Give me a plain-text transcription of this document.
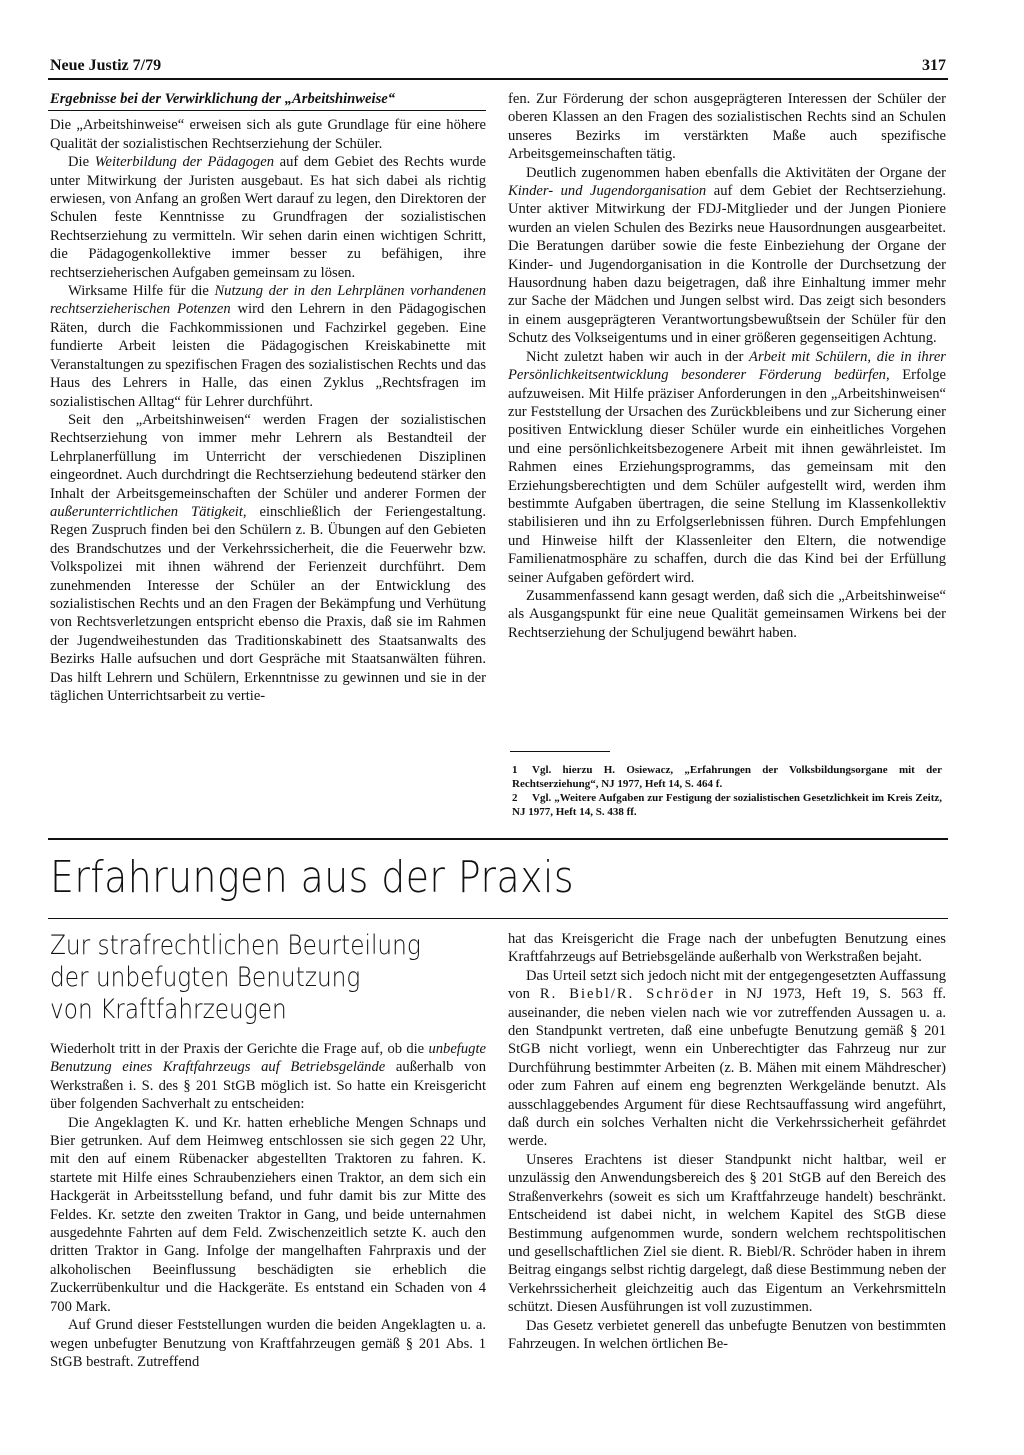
Neue Justiz 7/79	317
Ergebnisse bei der Verwirklichung der „Arbeitshinweise“

Die „Arbeitshinweise“ erweisen sich als gute Grundlage für eine höhere Qualität der sozialistischen Rechtserziehung der Schüler.

Die Weiterbildung der Pädagogen auf dem Gebiet des Rechts wurde unter Mitwirkung der Juristen ausgebaut. Es hat sich dabei als richtig erwiesen, von Anfang an großen Wert darauf zu legen, den Direktoren der Schulen feste Kenntnisse zu Grundfragen der sozialistischen Rechtserziehung zu vermitteln. Wir sehen darin einen wichtigen Schritt, die Pädagogenkollektive immer besser zu befähigen, ihre rechtserzieherischen Aufgaben gemeinsam zu lösen.

Wirksame Hilfe für die Nutzung der in den Lehrplänen vorhandenen rechtserzieherischen Potenzen wird den Lehrern in den Pädagogischen Räten, durch die Fachkommissionen und Fachzirkel gegeben. Eine fundierte Arbeit leisten die Pädagogischen Kreiskabinette mit Veranstaltungen zu spezifischen Fragen des sozialistischen Rechts und das Haus des Lehrers in Halle, das einen Zyklus „Rechtsfragen im sozialistischen Alltag“ für Lehrer durchführt.

Seit den „Arbeitshinweisen“ werden Fragen der sozialistischen Rechtserziehung von immer mehr Lehrern als Bestandteil der Lehrplanerfüllung im Unterricht der verschiedenen Disziplinen eingeordnet. Auch durchdringt die Rechtserziehung bedeutend stärker den Inhalt der Arbeitsgemeinschaften der Schüler und anderer Formen der außerunterrichtlichen Tätigkeit, einschließlich der Feriengestaltung. Regen Zuspruch finden bei den Schülern z. B. Übungen auf den Gebieten des Brandschutzes und der Verkehrssicherheit, die die Feuerwehr bzw. Volkspolizei mit ihnen während der Ferienzeit durchführt. Dem zunehmenden Interesse der Schüler an der Entwicklung des sozialistischen Rechts und an den Fragen der Bekämpfung und Verhütung von Rechtsverletzungen entspricht ebenso die Praxis, daß sie im Rahmen der Jugendweihestunden das Traditionskabinett des Staatsanwalts des Bezirks Halle aufsuchen und dort Gespräche mit Staatsanwälten führen. Das hilft Lehrern und Schülern, Erkenntnisse zu gewinnen und sie in der täglichen Unterrichtsarbeit zu vertie-

fen. Zur Förderung der schon ausgeprägteren Interessen der Schüler der oberen Klassen an den Fragen des sozialistischen Rechts sind an Schulen unseres Bezirks im verstärkten Maße auch spezifische Arbeitsgemeinschaften tätig.

Deutlich zugenommen haben ebenfalls die Aktivitäten der Organe der Kinder- und Jugendorganisation auf dem Gebiet der Rechtserziehung. Unter aktiver Mitwirkung der FDJ-Mitglieder und der Jungen Pioniere wurden an vielen Schulen des Bezirks neue Hausordnungen ausgearbeitet. Die Beratungen darüber sowie die feste Einbeziehung der Organe der Kinder- und Jugendorganisation in die Kontrolle der Durchsetzung der Hausordnung haben dazu beigetragen, daß ihre Einhaltung immer mehr zur Sache der Mädchen und Jungen selbst wird. Das zeigt sich besonders in einem ausgeprägteren Verantwortungsbewußtsein der Schüler für den Schutz des Volkseigentums und in einer größeren gegenseitigen Achtung.

Nicht zuletzt haben wir auch in der Arbeit mit Schülern, die in ihrer Persönlichkeitsentwicklung besonderer Förderung bedürfen, Erfolge aufzuweisen. Mit Hilfe präziser Anforderungen in den „Arbeitshinweisen“ zur Feststellung der Ursachen des Zurückbleibens und zur Sicherung einer positiven Entwicklung dieser Schüler wurde ein einheitliches Vorgehen und eine persönlichkeitsbezogenere Arbeit mit ihnen gewährleistet. Im Rahmen eines Erziehungsprogramms, das gemeinsam mit den Erziehungsberechtigten und dem Schüler aufgestellt wird, werden ihm bestimmte Aufgaben übertragen, die seine Stellung im Klassenkollektiv stabilisieren und ihn zu Erfolgserlebnissen führen. Durch Empfehlungen und Hinweise hilft der Klassenleiter den Eltern, die notwendige Familienatmosphäre zu schaffen, durch die das Kind bei der Erfüllung seiner Aufgaben gefördert wird.

Zusammenfassend kann gesagt werden, daß sich die „Arbeitshinweise“ als Ausgangspunkt für eine neue Qualität gemeinsamen Wirkens bei der Rechtserziehung der Schuljugend bewährt haben.

1 Vgl. hierzu H. Osiewacz, „Erfahrungen der Volksbildungsorgane mit der Rechtserziehung“, NJ 1977, Heft 14, S. 464 f.
2 Vgl. „Weitere Aufgaben zur Festigung der sozialistischen Gesetzlichkeit im Kreis Zeitz, NJ 1977, Heft 14, S. 438 ff.
Erfahrungen aus der Praxis
Zur strafrechtlichen Beurteilung
der unbefugten Benutzung
von Kraftfahrzeugen

Wiederholt tritt in der Praxis der Gerichte die Frage auf, ob die unbefugte Benutzung eines Kraftfahrzeugs auf Betriebsgelände außerhalb von Werkstraßen i. S. des § 201 StGB möglich ist. So hatte ein Kreisgericht über folgenden Sachverhalt zu entscheiden:

Die Angeklagten K. und Kr. hatten erhebliche Mengen Schnaps und Bier getrunken. Auf dem Heimweg entschlossen sie sich gegen 22 Uhr, mit den auf einem Rübenacker abgestellten Traktoren zu fahren. K. startete mit Hilfe eines Schraubenziehers einen Traktor, an dem sich ein Hackgerät in Arbeitsstellung befand, und fuhr damit bis zur Mitte des Feldes. Kr. setzte den zweiten Traktor in Gang, und beide unternahmen ausgedehnte Fahrten auf dem Feld. Zwischenzeitlich setzte K. auch den dritten Traktor in Gang. Infolge der mangelhaften Fahrpraxis und der alkoholischen Beeinflussung beschädigten sie erheblich die Zuckerrübenkultur und die Hackgeräte. Es entstand ein Schaden von 4 700 Mark.

Auf Grund dieser Feststellungen wurden die beiden Angeklagten u. a. wegen unbefugter Benutzung von Kraftfahrzeugen gemäß § 201 Abs. 1 StGB bestraft. Zutreffend

hat das Kreisgericht die Frage nach der unbefugten Benutzung eines Kraftfahrzeugs auf Betriebsgelände außerhalb von Werkstraßen bejaht.

Das Urteil setzt sich jedoch nicht mit der entgegengesetzten Auffassung von R. Biebl/R. Schröder in NJ 1973, Heft 19, S. 563 ff. auseinander, die neben vielen nach wie vor zutreffenden Aussagen u. a. den Standpunkt vertreten, daß eine unbefugte Benutzung gemäß § 201 StGB nicht vorliegt, wenn ein Unberechtigter das Fahrzeug nur zur Durchführung bestimmter Arbeiten (z. B. Mähen mit einem Mähdrescher) oder zum Fahren auf einem eng begrenzten Werkgelände benutzt. Als ausschlaggebendes Argument für diese Rechtsauffassung wird angeführt, daß durch ein solches Verhalten nicht die Verkehrssicherheit gefährdet werde.

Unseres Erachtens ist dieser Standpunkt nicht haltbar, weil er unzulässig den Anwendungsbereich des § 201 StGB auf den Bereich des Straßenverkehrs (soweit es sich um Kraftfahrzeuge handelt) beschränkt. Entscheidend ist dabei nicht, in welchem Kapitel des StGB diese Bestimmung aufgenommen wurde, sondern welchem rechtspolitischen und gesellschaftlichen Ziel sie dient. R. Biebl/R. Schröder haben in ihrem Beitrag eingangs selbst richtig dargelegt, daß diese Bestimmung neben der Verkehrssicherheit gleichzeitig auch das Eigentum an Verkehrsmitteln schützt. Diesen Ausführungen ist voll zuzustimmen.

Das Gesetz verbietet generell das unbefugte Benutzen von bestimmten Fahrzeugen. In welchen örtlichen Be-
